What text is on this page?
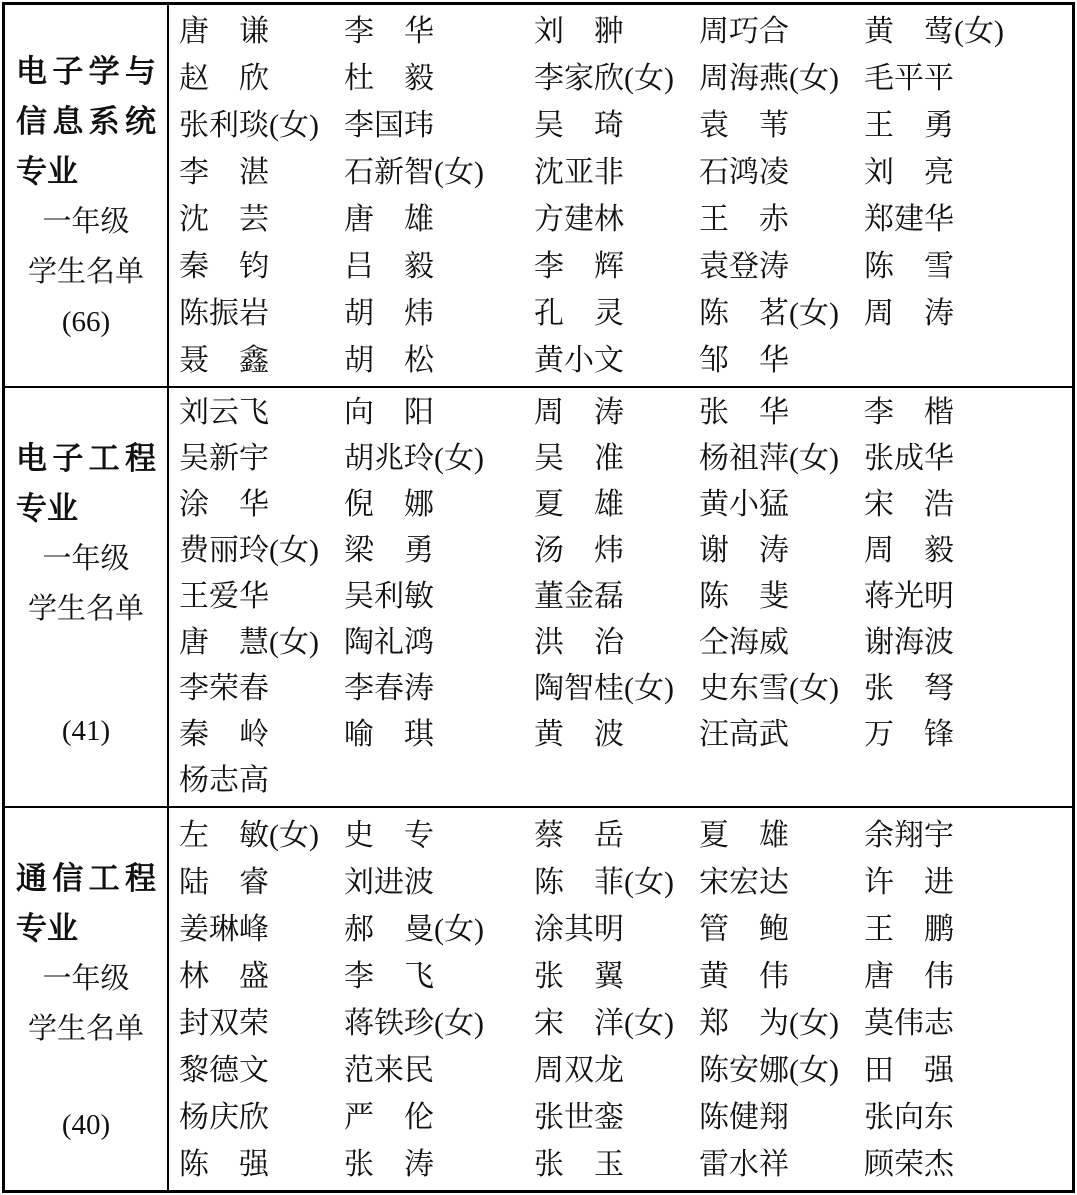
电子学与
信息系统
专业
一年级
学生名单
(66)
唐　谦	李　华	刘　翀	周巧合	黄　莺(女)
赵　欣	杜　毅	李家欣(女) 周海燕(女) 毛平平
张利琰(女) 李国玮	吴　琦	袁　苇	王　勇
李　湛	石新智(女)	沈亚非	石鸿凌	刘　亮
沈　芸	唐　雄	方建林	王　赤	郑建华
秦　钧	吕　毅	李　辉	袁登涛	陈　雪
陈振岩	胡　炜	孔　灵	陈　茗(女) 周　涛
聂　鑫	胡　松	黄小文	邹　华
电子工程
专业
一年级
学生名单
(41)
刘云飞	向　阳	周　涛	张　华	李　楷
吴新宇	胡兆玲(女)	吴　准	杨祖萍(女) 张成华
涂　华	倪　娜	夏　雄	黄小猛	宋　浩
费丽玲(女) 梁　勇	汤　炜	谢　涛	周　毅
王爱华	吴利敏	董金磊	陈　斐	蒋光明
唐　慧(女) 陶礼鸿	洪　治	仝海威	谢海波
李荣春	李春涛	陶智桂(女) 史东雪(女) 张　弩
秦　岭	喻　琪	黄　波	汪高武	万　锋
杨志高
通信工程
专业
一年级
学生名单
(40)
左　敏(女) 史　专	蔡　岳	夏　雄	余翔宇
陆　睿	刘进波	陈　菲(女) 宋宏达	许　进
姜琳峰	郝　曼(女)	涂其明	管　鲍	王　鹏
林　盛	李　飞	张　翼	黄　伟	唐　伟
封双荣	蒋铁珍(女)	宋　洋(女) 郑　为(女) 莫伟志
黎德文	范来民	周双龙	陈安娜(女) 田　强
杨庆欣	严　伦	张世銮	陈健翔	张向东
陈　强	张　涛	张　玉	雷水祥	顾荣杰
